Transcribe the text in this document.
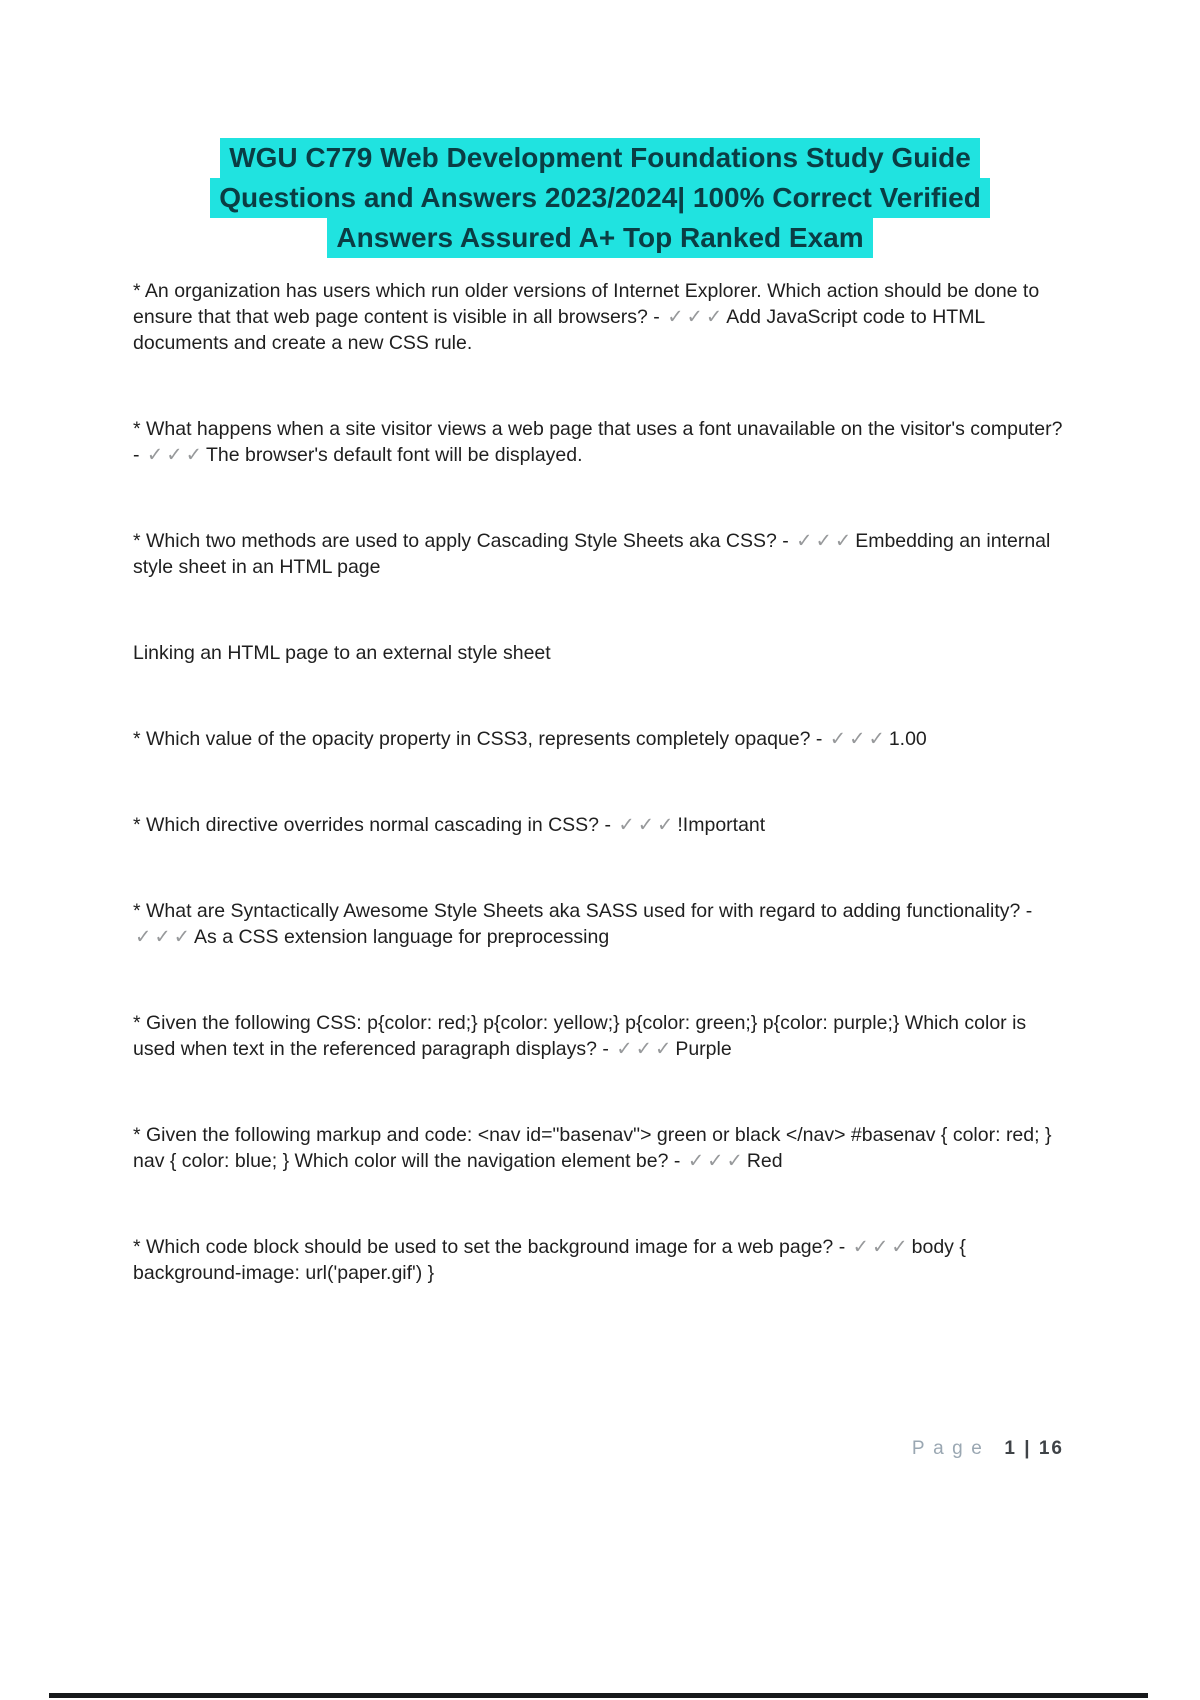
WGU C779 Web Development Foundations Study Guide
Questions and Answers 2023/2024| 100% Correct Verified
Answers Assured A+ Top Ranked Exam
* An organization has users which run older versions of Internet Explorer. Which action should be done to ensure that that web page content is visible in all browsers? - ✓✓✓Add JavaScript code to HTML documents and create a new CSS rule.
* What happens when a site visitor views a web page that uses a font unavailable on the visitor's computer? - ✓✓✓The browser's default font will be displayed.
* Which two methods are used to apply Cascading Style Sheets aka CSS? - ✓✓✓Embedding an internal style sheet in an HTML page
Linking an HTML page to an external style sheet
* Which value of the opacity property in CSS3, represents completely opaque? - ✓✓✓1.00
* Which directive overrides normal cascading in CSS? - ✓✓✓!Important
* What are Syntactically Awesome Style Sheets aka SASS used for with regard to adding functionality? - ✓✓✓As a CSS extension language for preprocessing
* Given the following CSS: p{color: red;} p{color: yellow;} p{color: green;} p{color: purple;} Which color is used when text in the referenced paragraph displays? - ✓✓✓Purple
* Given the following markup and code: <nav id="basenav"> green or black </nav> #basenav { color: red; } nav { color: blue; } Which color will the navigation element be? - ✓✓✓Red
* Which code block should be used to set the background image for a web page? - ✓✓✓body { background-image: url('paper.gif') }
Page 1 | 16
